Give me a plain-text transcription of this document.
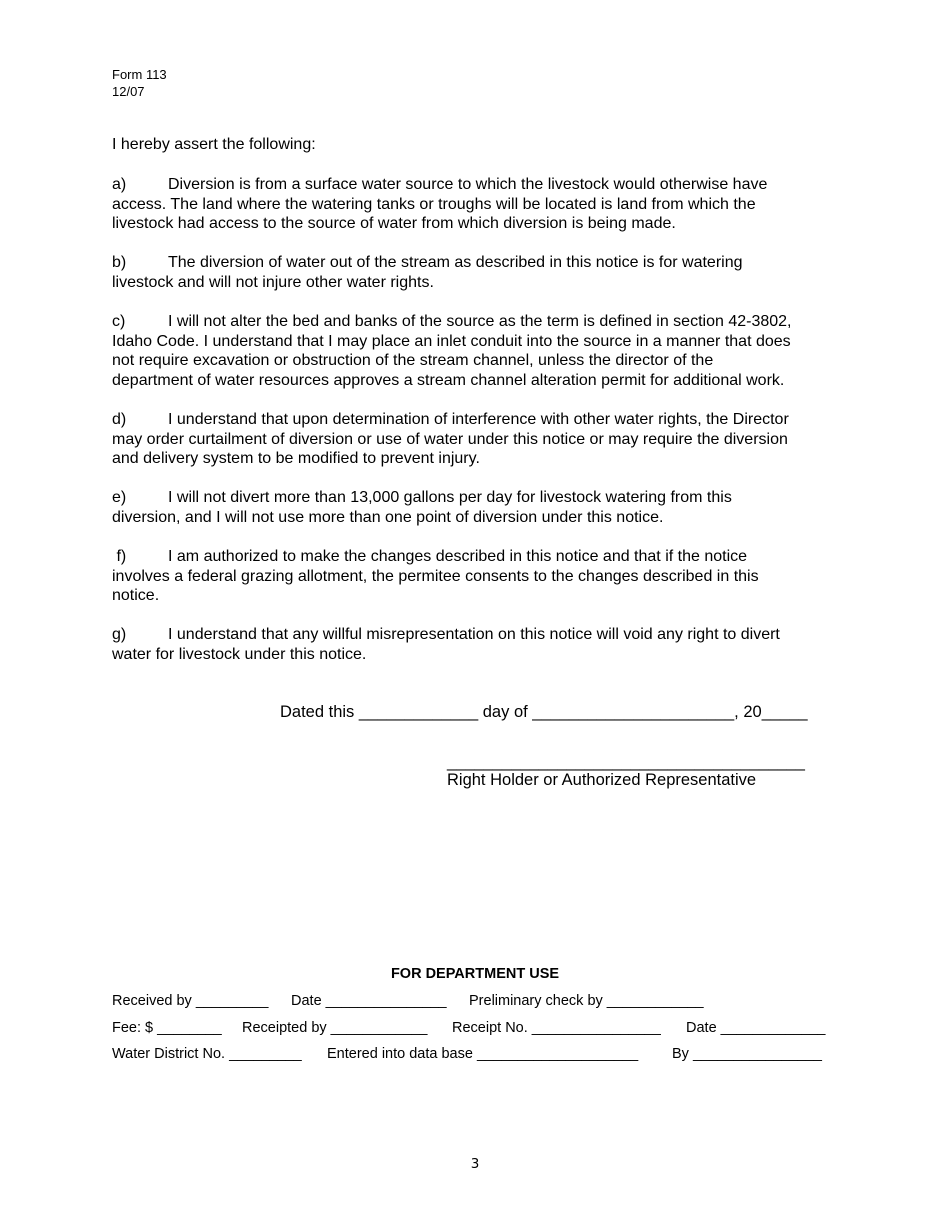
Form 113
12/07
I hereby assert the following:
a)	Diversion is from a surface water source to which the livestock would otherwise have
access. The land where the watering tanks or troughs will be located is land from which the
livestock had access to the source of water from which diversion is being made.
b)	The diversion of water out of the stream as described in this notice is for watering
livestock and will not injure other water rights.
c)	I will not alter the bed and banks of the source as the term is defined in section 42-3802,
Idaho Code. I understand that I may place an inlet conduit into the source in a manner that does
not require excavation or obstruction of the stream channel, unless the director of the
department of water resources approves a stream channel alteration permit for additional work.
d)	I understand that upon determination of interference with other water rights, the Director
may order curtailment of diversion or use of water under this notice or may require the diversion
and delivery system to be modified to prevent injury.
e)	I will not divert more than 13,000 gallons per day for livestock watering from this
diversion, and I will not use more than one point of diversion under this notice.
f)	I am authorized to make the changes described in this notice and that if the notice
involves a federal grazing allotment, the permitee consents to the changes described in this
notice.
g)	I understand that any willful misrepresentation on this notice will void any right to divert
water for livestock under this notice.
Dated this _____________ day of ______________________, 20_____
_______________________________________
Right Holder or Authorized Representative
FOR DEPARTMENT USE
Received by _________ Date _______________ Preliminary check by ____________
Fee: $ ________ Receipted by ____________ Receipt No. ________________ Date _____________
Water District No. _________ Entered into data base ____________________ By ________________
3
